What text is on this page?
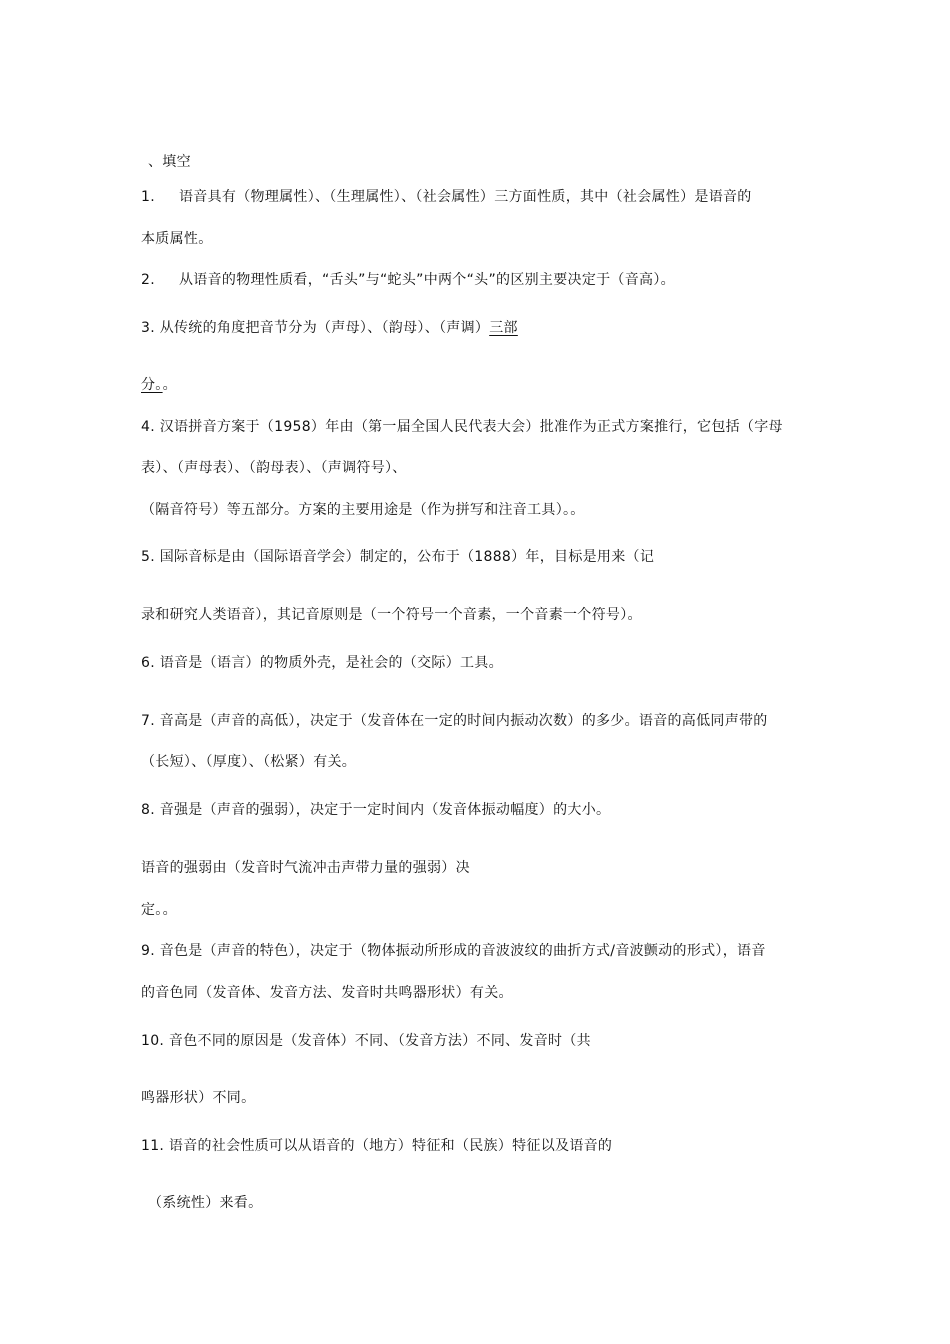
、填空
1. 语音具有（物理属性）、（生理属性）、（社会属性）三方面性质，其中（社会属性）是语音的
本质属性。
2. 从语音的物理性质看，“舌头”与“蛇头”中两个“头”的区别主要决定于（音高）。
3. 从传统的角度把音节分为（声母）、（韵母）、（声调）三部
分。。
4. 汉语拼音方案于（1958）年由（第一届全国人民代表大会）批准作为正式方案推行，它包括（字母
表）、（声母表）、（韵母表）、（声调符号）、
（隔音符号）等五部分。方案的主要用途是（作为拼写和注音工具）。。
5. 国际音标是由（国际语音学会）制定的，公布于（1888）年，目标是用来（记
录和研究人类语音），其记音原则是（一个符号一个音素，一个音素一个符号）。
6. 语音是（语言）的物质外壳，是社会的（交际）工具。
7. 音高是（声音的高低），决定于（发音体在一定的时间内振动次数）的多少。语音的高低同声带的
（长短）、（厚度）、（松紧）有关。
8. 音强是（声音的强弱），决定于一定时间内（发音体振动幅度）的大小。
语音的强弱由（发音时气流冲击声带力量的强弱）决
定。。
9. 音色是（声音的特色），决定于（物体振动所形成的音波波纹的曲折方式/音波颤动的形式），语音
的音色同（发音体、发音方法、发音时共鸣器形状）有关。
10. 音色不同的原因是（发音体）不同、（发音方法）不同、发音时（共
鸣器形状）不同。
11. 语音的社会性质可以从语音的（地方）特征和（民族）特征以及语音的
（系统性）来看。
